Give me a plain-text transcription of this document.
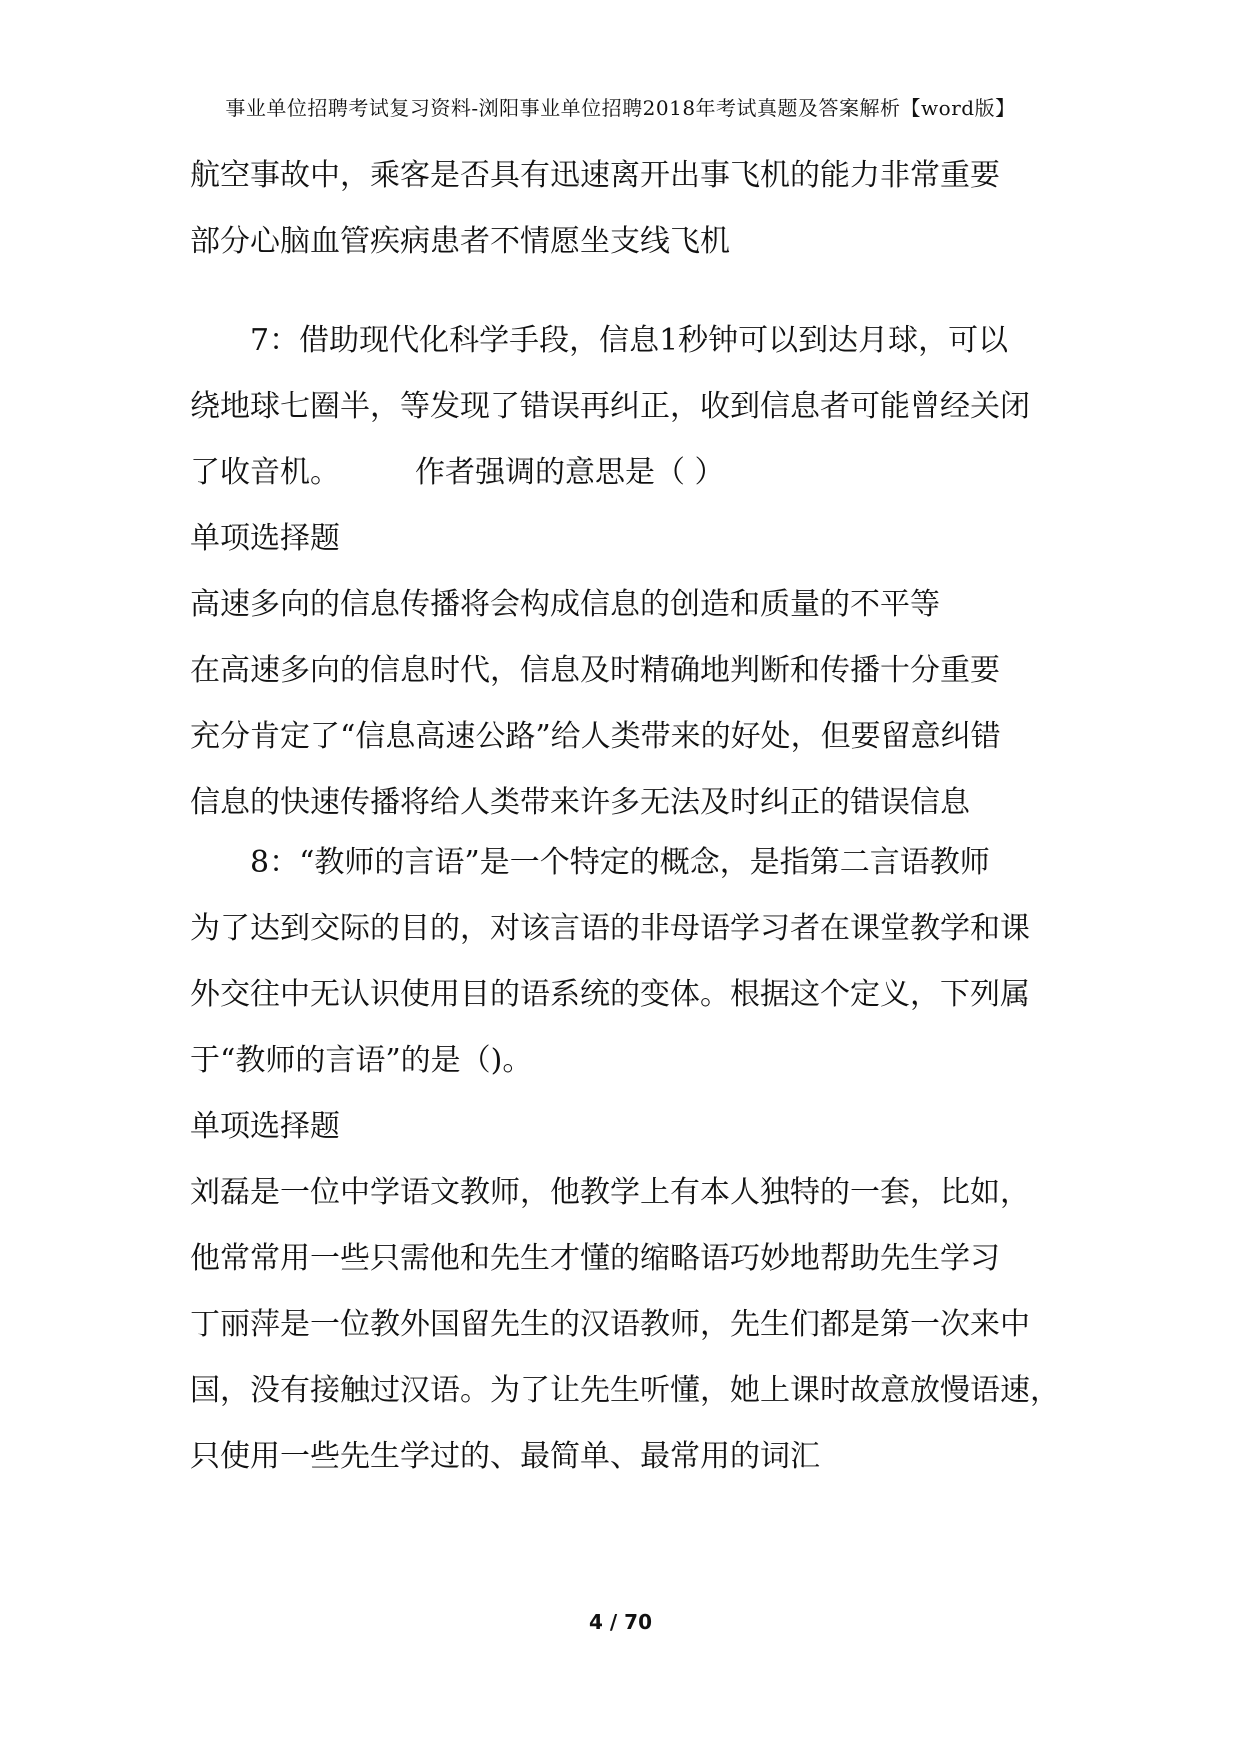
事业单位招聘考试复习资料-浏阳事业单位招聘2018年考试真题及答案解析【word版】
航空事故中，乘客是否具有迅速离开出事飞机的能力非常重要
部分心脑血管疾病患者不情愿坐支线飞机
7：借助现代化科学手段，信息1秒钟可以到达月球，可以
绕地球七圈半，等发现了错误再纠正，收到信息者可能曾经关闭
了收音机。　　　作者强调的意思是（ ）
单项选择题
高速多向的信息传播将会构成信息的创造和质量的不平等
在高速多向的信息时代，信息及时精确地判断和传播十分重要
充分肯定了“信息高速公路”给人类带来的好处，但要留意纠错
信息的快速传播将给人类带来许多无法及时纠正的错误信息
8：“教师的言语”是一个特定的概念，是指第二言语教师
为了达到交际的目的，对该言语的非母语学习者在课堂教学和课
外交往中无认识使用目的语系统的变体。根据这个定义，下列属
于“教师的言语”的是（)。
单项选择题
刘磊是一位中学语文教师，他教学上有本人独特的一套，比如，
他常常用一些只需他和先生才懂的缩略语巧妙地帮助先生学习
丁丽萍是一位教外国留先生的汉语教师，先生们都是第一次来中
国，没有接触过汉语。为了让先生听懂，她上课时故意放慢语速，
只使用一些先生学过的、最简单、最常用的词汇
4 / 70
